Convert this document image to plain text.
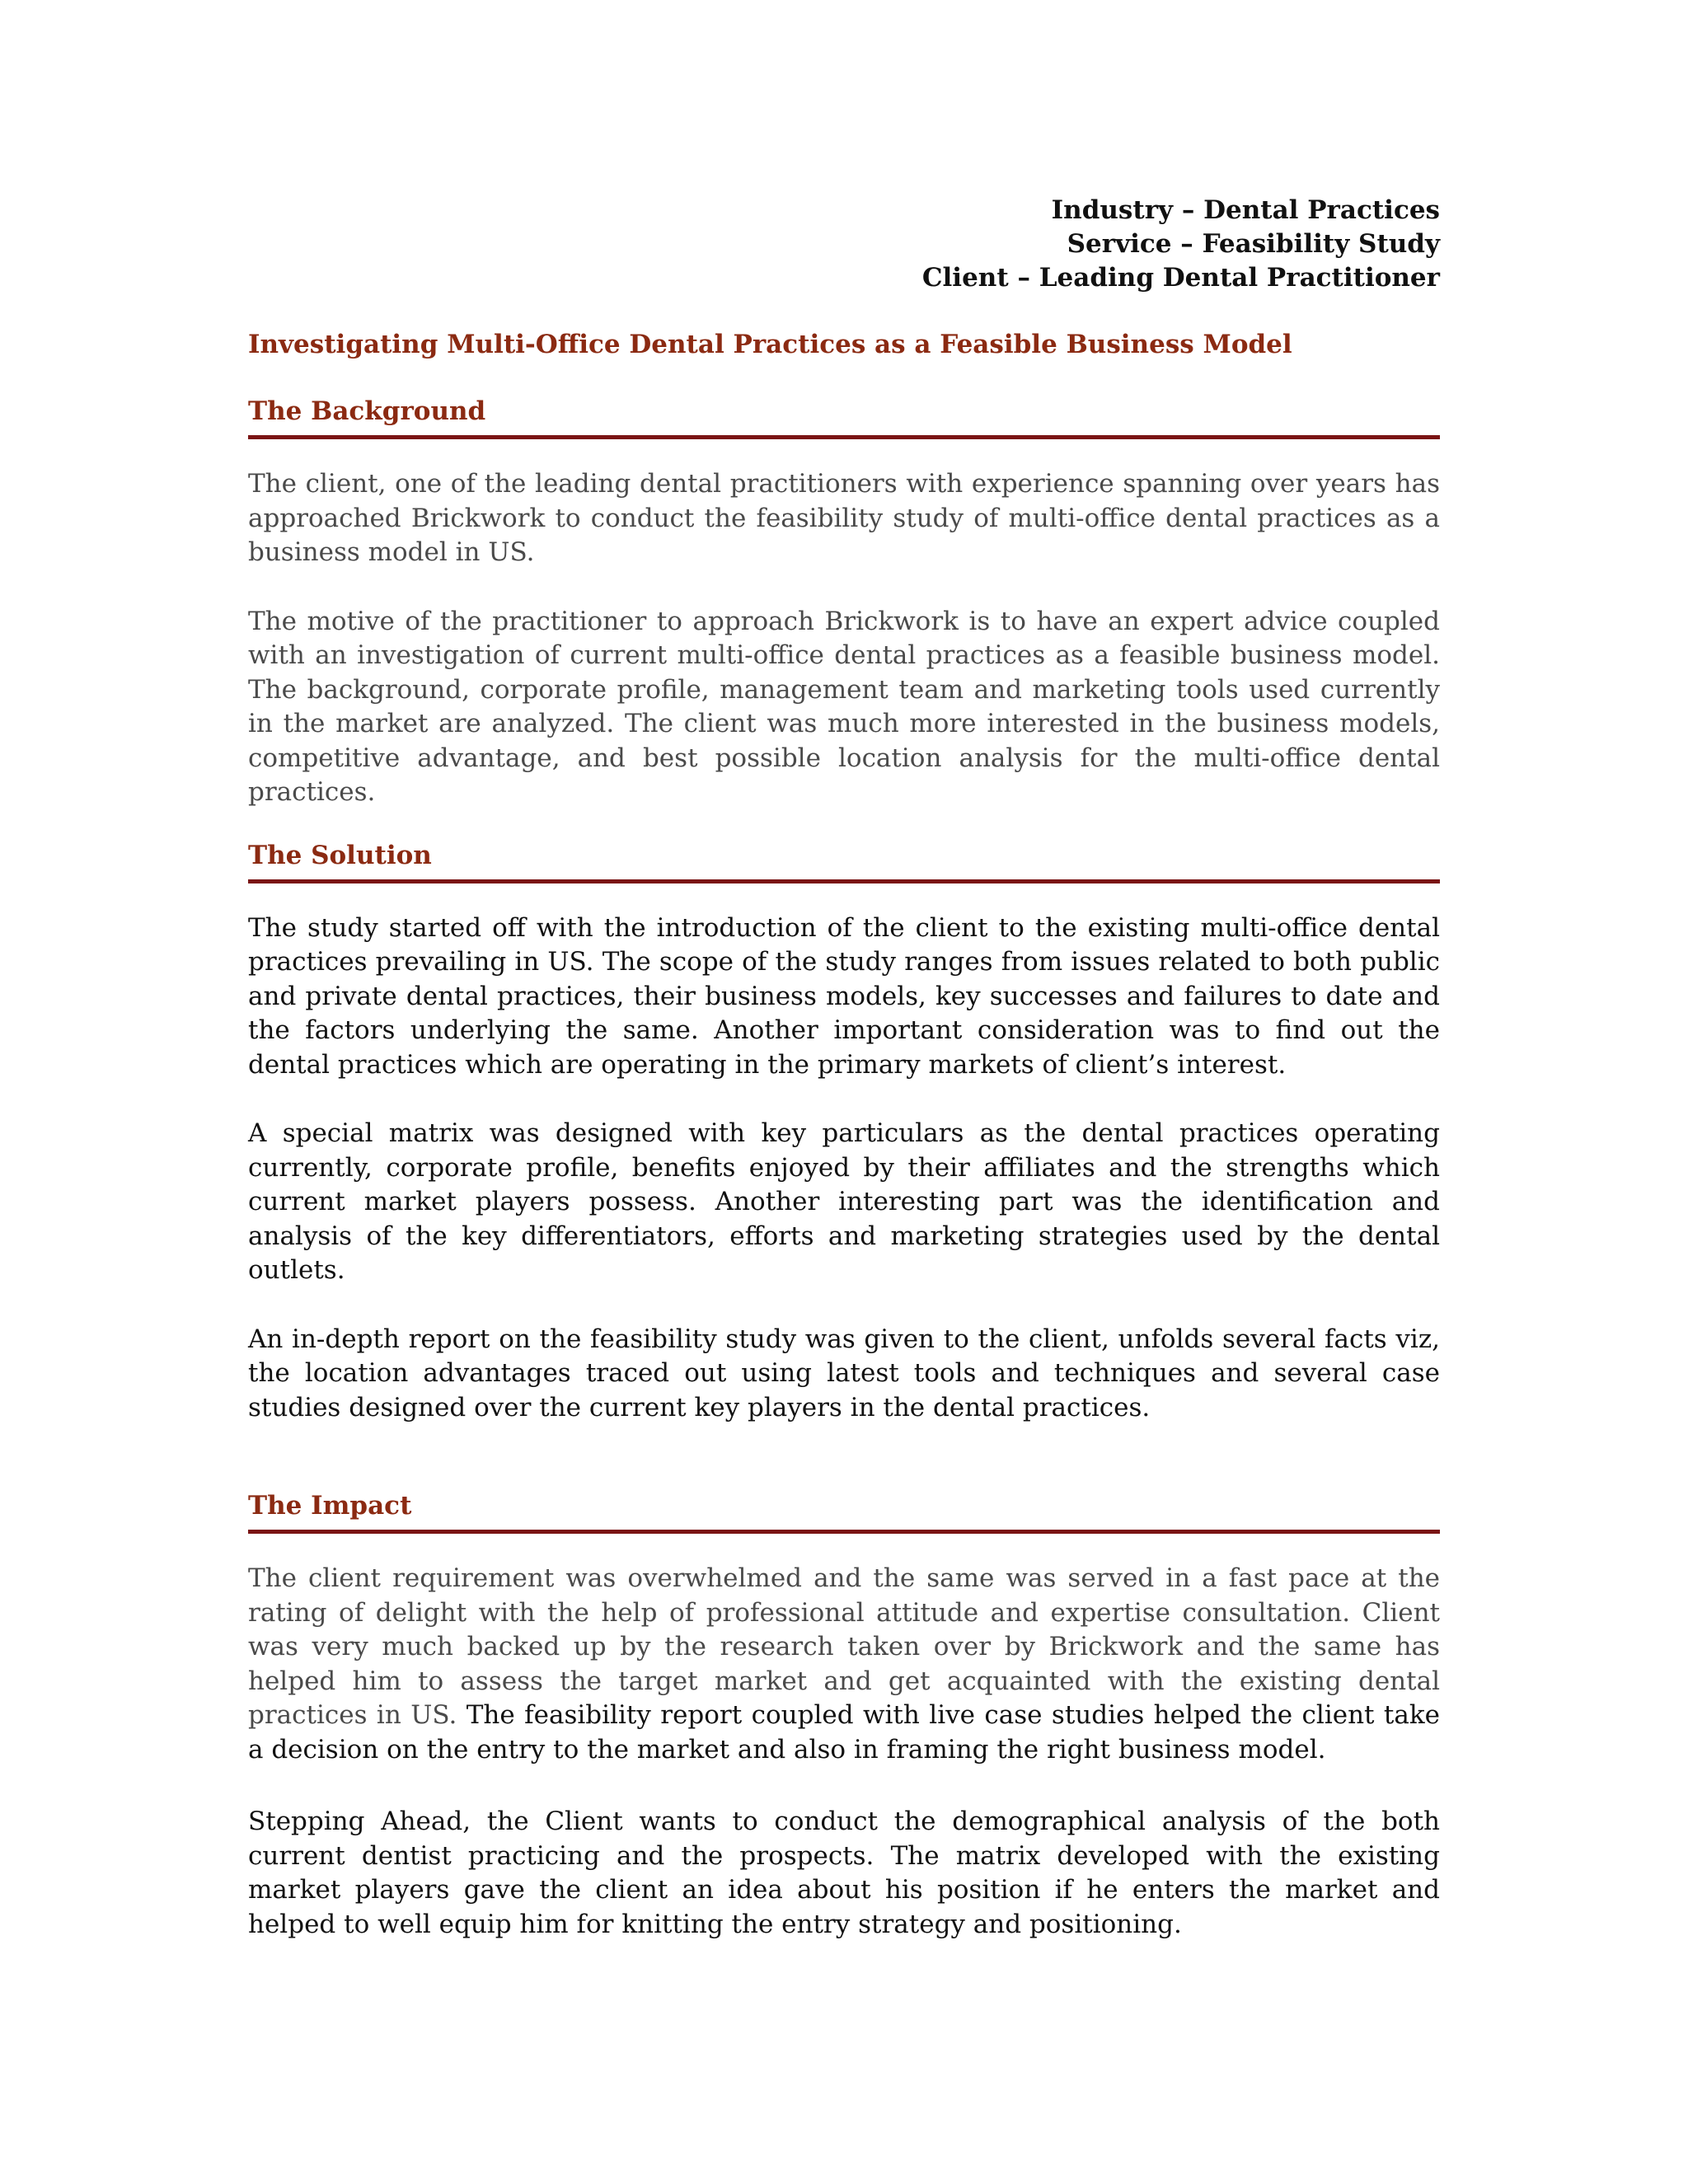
Industry – Dental Practices
Service – Feasibility Study
Client – Leading Dental Practitioner
Investigating Multi-Office Dental Practices as a Feasible Business Model
The Background

The client, one of the leading dental practitioners with experience spanning over years has approached Brickwork to conduct the feasibility study of multi-office dental practices as a business model in US.

The motive of the practitioner to approach Brickwork is to have an expert advice coupled with an investigation of current multi-office dental practices as a feasible business model. The background, corporate profile, management team and marketing tools used currently in the market are analyzed. The client was much more interested in the business models, competitive advantage, and best possible location analysis for the multi-office dental practices.

The Solution

The study started off with the introduction of the client to the existing multi-office dental practices prevailing in US. The scope of the study ranges from issues related to both public and private dental practices, their business models, key successes and failures to date and the factors underlying the same. Another important consideration was to find out the dental practices which are operating in the primary markets of client’s interest.

A special matrix was designed with key particulars as the dental practices operating currently, corporate profile, benefits enjoyed by their affiliates and the strengths which current market players possess. Another interesting part was the identification and analysis of the key differentiators, efforts and marketing strategies used by the dental outlets.

An in-depth report on the feasibility study was given to the client, unfolds several facts viz, the location advantages traced out using latest tools and techniques and several case studies designed over the current key players in the dental practices.

The Impact

The client requirement was overwhelmed and the same was served in a fast pace at the rating of delight with the help of professional attitude and expertise consultation. Client was very much backed up by the research taken over by Brickwork and the same has helped him to assess the target market and get acquainted with the existing dental practices in US. The feasibility report coupled with live case studies helped the client take a decision on the entry to the market and also in framing the right business model.

Stepping Ahead, the Client wants to conduct the demographical analysis of the both current dentist practicing and the prospects. The matrix developed with the existing market players gave the client an idea about his position if he enters the market and helped to well equip him for knitting the entry strategy and positioning.
